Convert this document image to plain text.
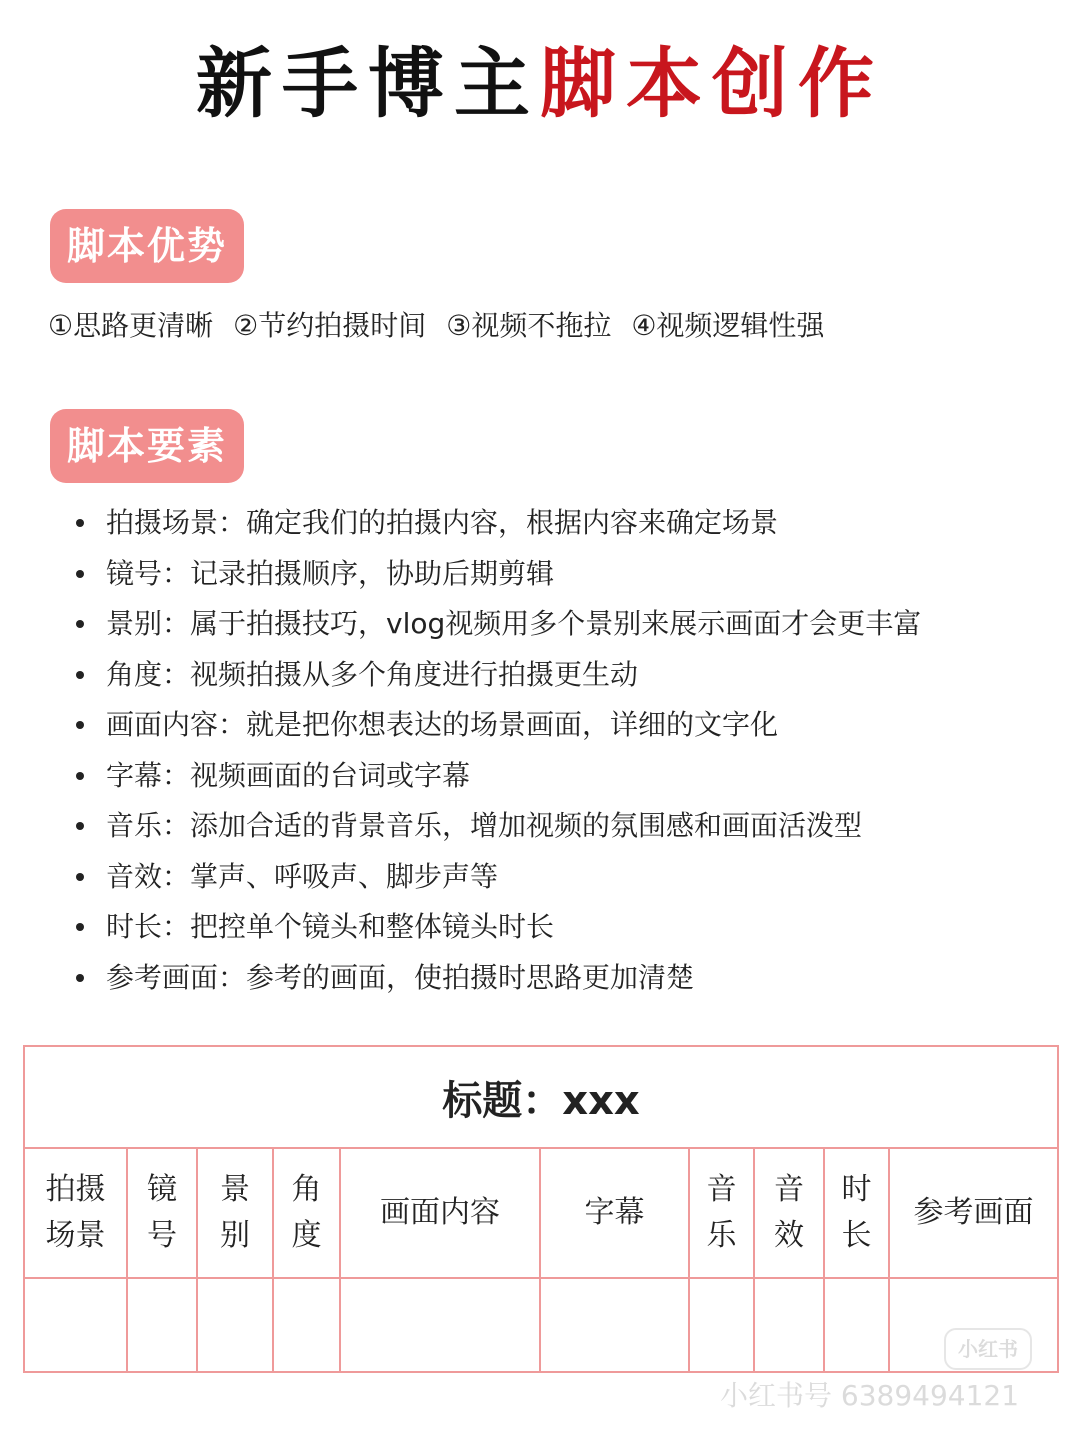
新手博主脚本创作
脚本优势
①思路更清晰 ②节约拍摄时间 ③视频不拖拉 ④视频逻辑性强
脚本要素
拍摄场景：确定我们的拍摄内容，根据内容来确定场景
镜号：记录拍摄顺序，协助后期剪辑
景别：属于拍摄技巧，vlog视频用多个景别来展示画面才会更丰富
角度：视频拍摄从多个角度进行拍摄更生动
画面内容：就是把你想表达的场景画面，详细的文字化
字幕：视频画面的台词或字幕
音乐：添加合适的背景音乐，增加视频的氛围感和画面活泼型
音效：掌声、呼吸声、脚步声等
时长：把控单个镜头和整体镜头时长
参考画面：参考的画面，使拍摄时思路更加清楚
标题：xxx									
拍摄场景	镜号	景别	角度	画面内容	字幕	音乐	音效	时长	参考画面

小红书
小红书号 6389494121
